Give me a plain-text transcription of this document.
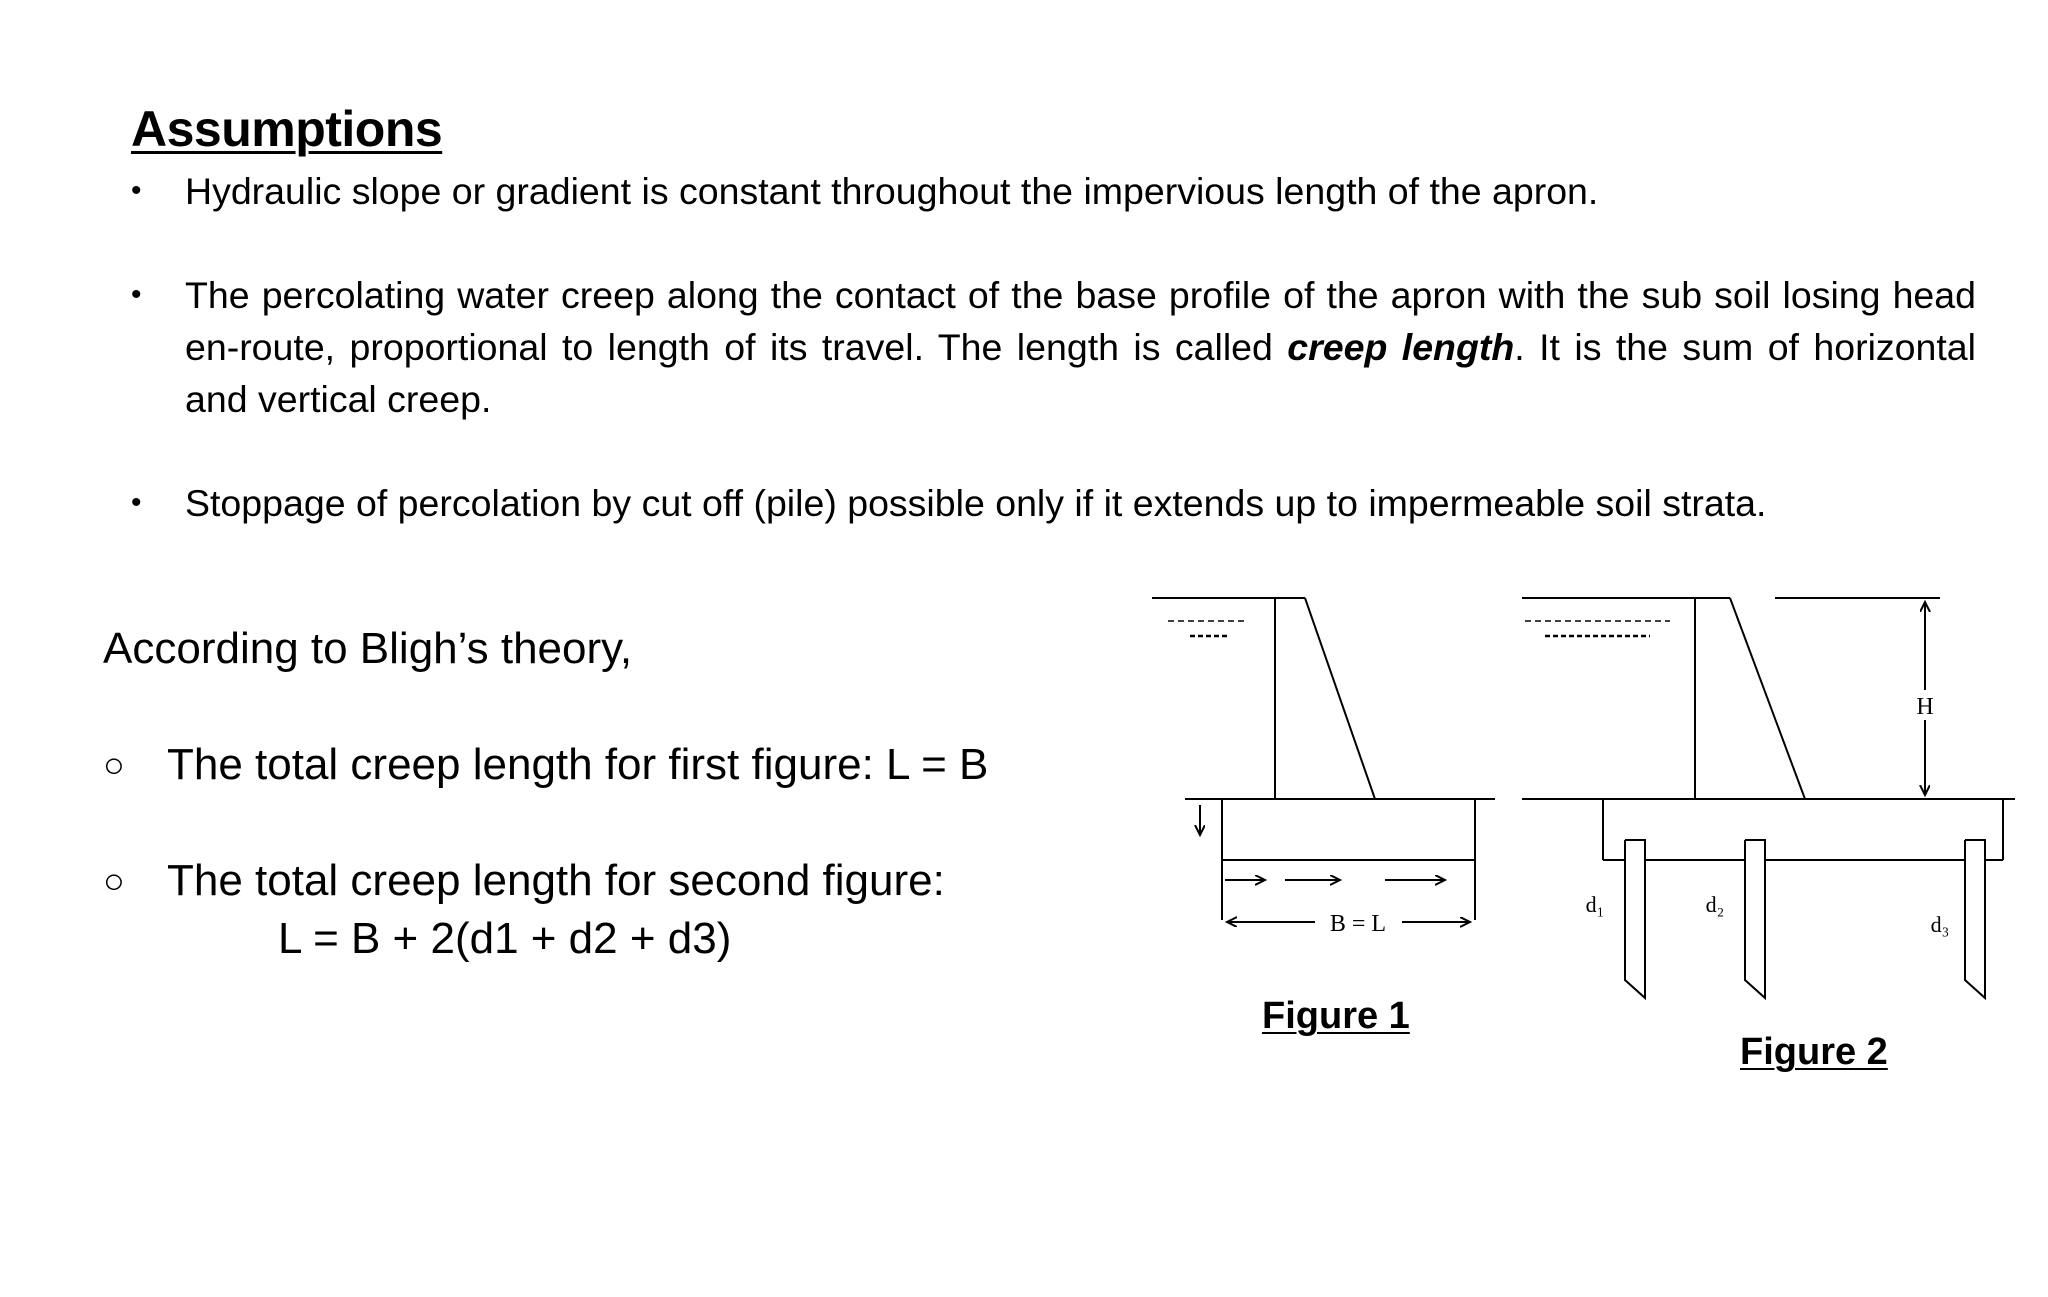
Assumptions
• Hydraulic slope or gradient is constant throughout the impervious length of the apron.
• The percolating water creep along the contact of the base profile of the apron with the sub soil losing head en-route, proportional to length of its travel. The length is called creep length. It is the sum of horizontal and vertical creep.
• Stoppage of percolation by cut off (pile) possible only if it extends up to impermeable soil strata.

According to Bligh’s theory,

○ The total creep length for first figure: L = B
○ The total creep length for second figure:

L = B + 2(d1 + d2 + d3)	B = L
H
d₁	d₂
d₃

Figure 1

Figure 2
